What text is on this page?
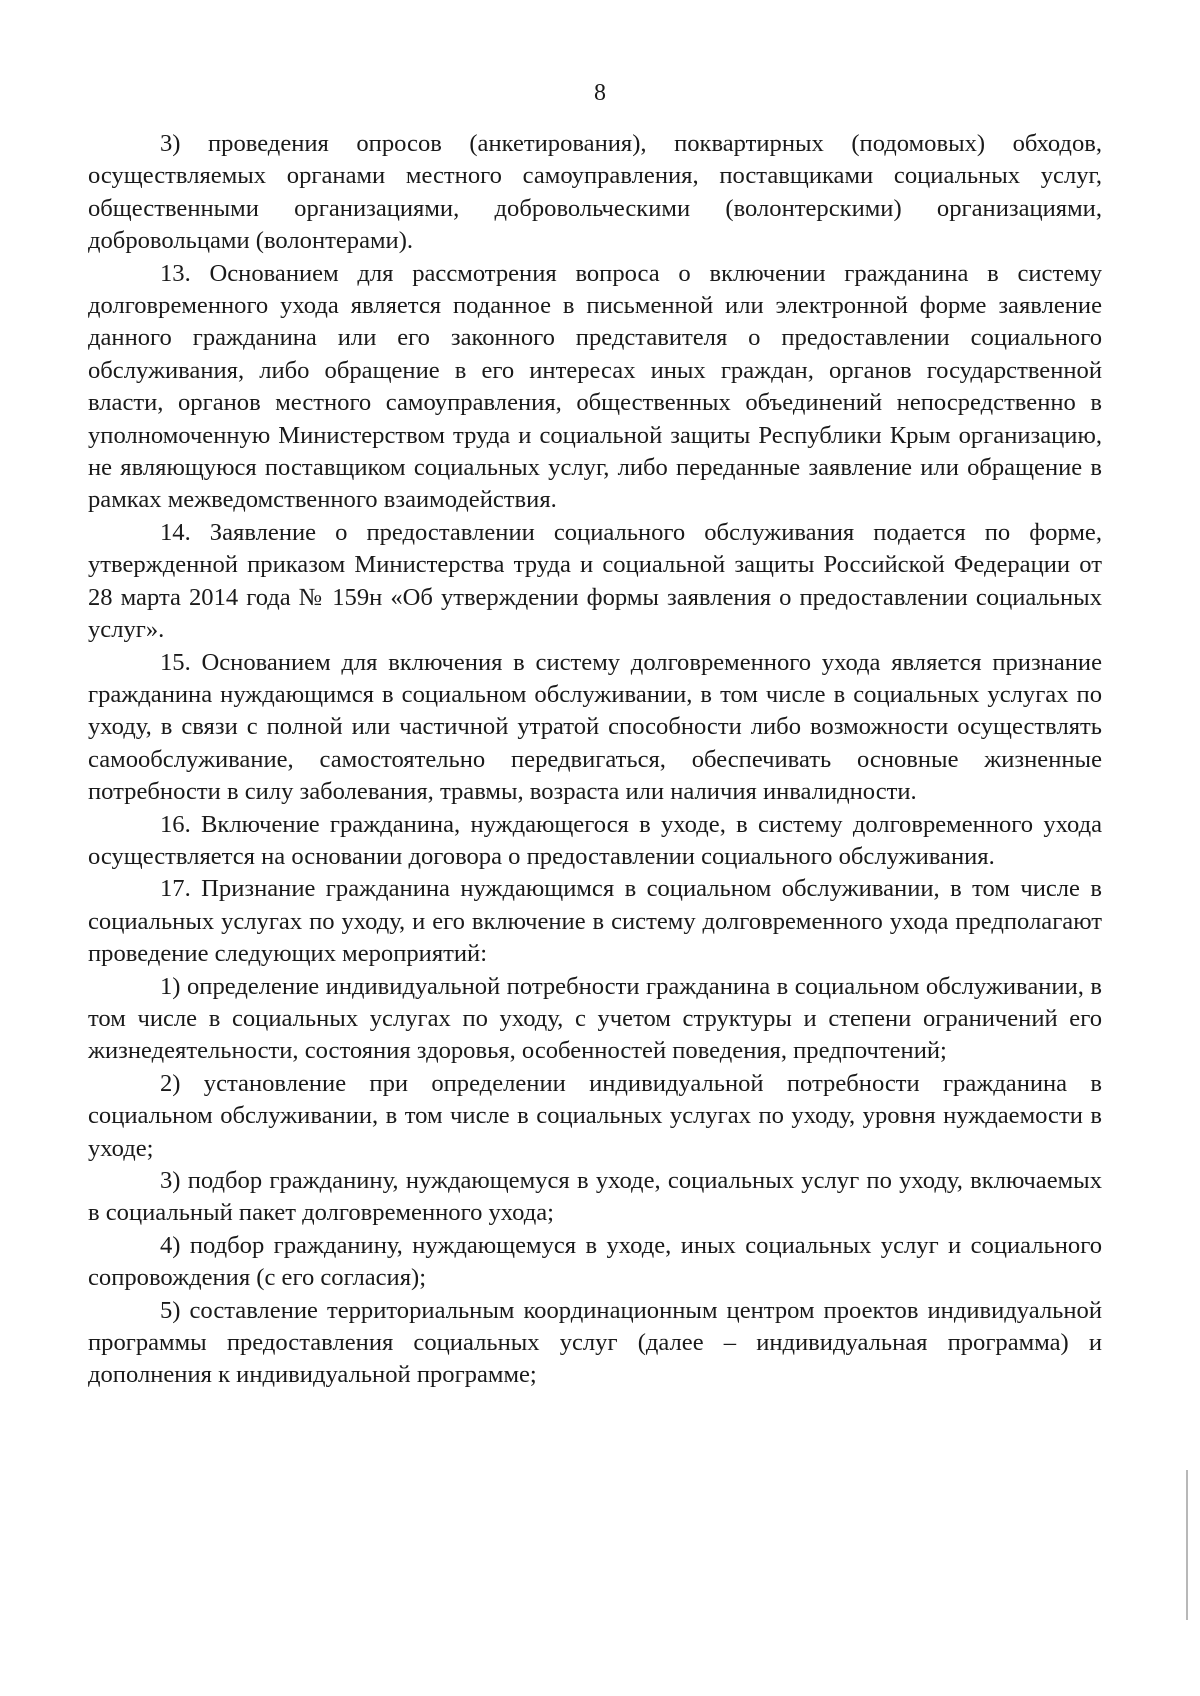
8

3) проведения опросов (анкетирования), поквартирных (подомовых) обходов, осуществляемых органами местного самоуправления, поставщиками социальных услуг, общественными организациями, добровольческими (волонтерскими) организациями, добровольцами (волонтерами).

13. Основанием для рассмотрения вопроса о включении гражданина в систему долговременного ухода является поданное в письменной или электронной форме заявление данного гражданина или его законного представителя о предоставлении социального обслуживания, либо обращение в его интересах иных граждан, органов государственной власти, органов местного самоуправления, общественных объединений непосредственно в уполномоченную Министерством труда и социальной защиты Республики Крым организацию, не являющуюся поставщиком социальных услуг, либо переданные заявление или обращение в рамках межведомственного взаимодействия.

14. Заявление о предоставлении социального обслуживания подается по форме, утвержденной приказом Министерства труда и социальной защиты Российской Федерации от 28 марта 2014 года № 159н «Об утверждении формы заявления о предоставлении социальных услуг».

15. Основанием для включения в систему долговременного ухода является признание гражданина нуждающимся в социальном обслуживании, в том числе в социальных услугах по уходу, в связи с полной или частичной утратой способности либо возможности осуществлять самообслуживание, самостоятельно передвигаться, обеспечивать основные жизненные потребности в силу заболевания, травмы, возраста или наличия инвалидности.

16. Включение гражданина, нуждающегося в уходе, в систему долговременного ухода осуществляется на основании договора о предоставлении социального обслуживания.

17. Признание гражданина нуждающимся в социальном обслуживании, в том числе в социальных услугах по уходу, и его включение в систему долговременного ухода предполагают проведение следующих мероприятий:

1) определение индивидуальной потребности гражданина в социальном обслуживании, в том числе в социальных услугах по уходу, с учетом структуры и степени ограничений его жизнедеятельности, состояния здоровья, особенностей поведения, предпочтений;

2) установление при определении индивидуальной потребности гражданина в социальном обслуживании, в том числе в социальных услугах по уходу, уровня нуждаемости в уходе;

3) подбор гражданину, нуждающемуся в уходе, социальных услуг по уходу, включаемых в социальный пакет долговременного ухода;

4) подбор гражданину, нуждающемуся в уходе, иных социальных услуг и социального сопровождения (с его согласия);

5) составление территориальным координационным центром проектов индивидуальной программы предоставления социальных услуг (далее – индивидуальная программа) и дополнения к индивидуальной программе;
